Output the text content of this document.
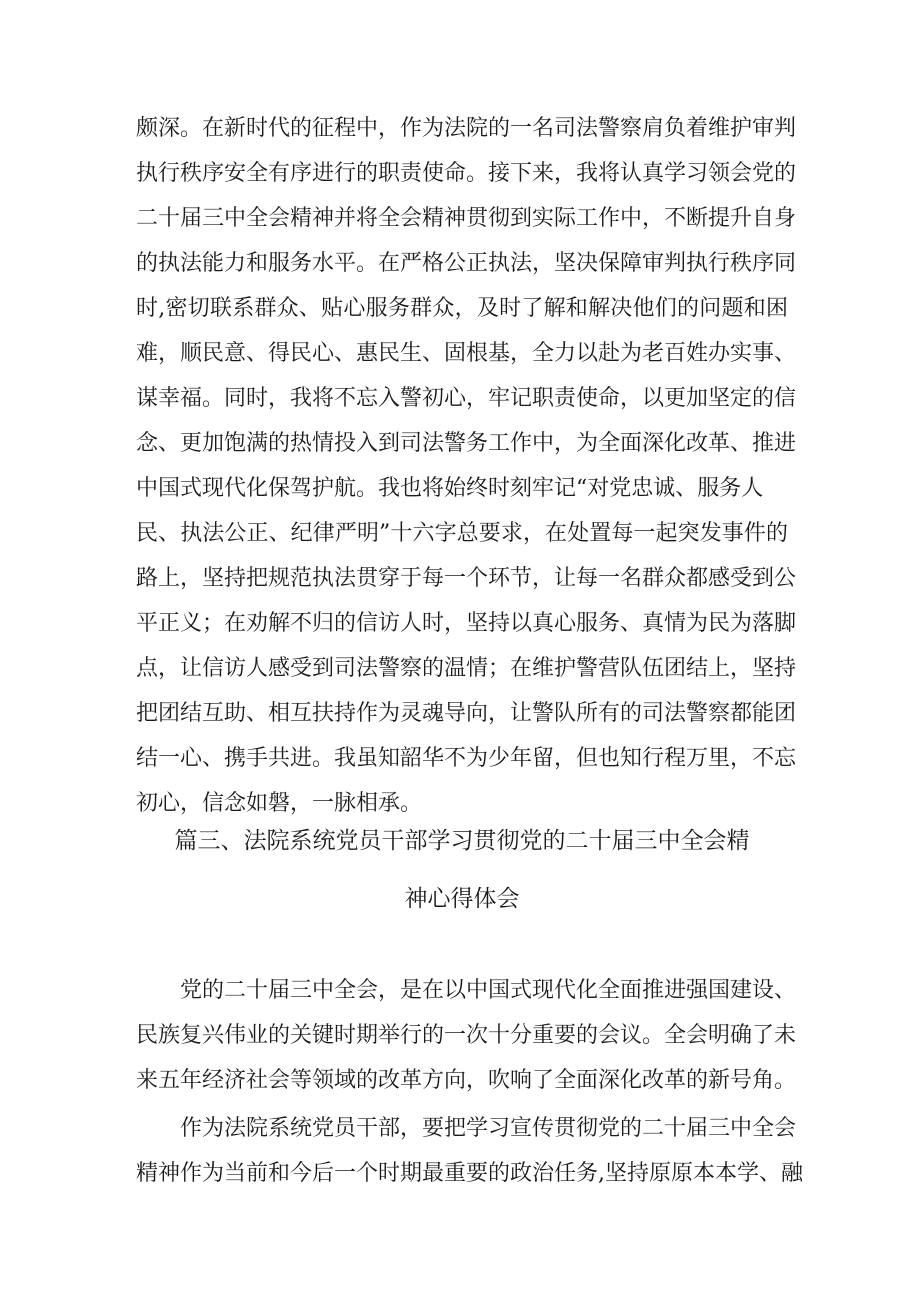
颇深。在新时代的征程中，作为法院的一名司法警察肩负着维护审判
执行秩序安全有序进行的职责使命。接下来，我将认真学习领会党的
二十届三中全会精神并将全会精神贯彻到实际工作中，不断提升自身
的执法能力和服务水平。在严格公正执法，坚决保障审判执行秩序同
时,密切联系群众、贴心服务群众，及时了解和解决他们的问题和困
难，顺民意、得民心、惠民生、固根基，全力以赴为老百姓办实事、
谋幸福。同时，我将不忘入警初心，牢记职责使命，以更加坚定的信
念、更加饱满的热情投入到司法警务工作中，为全面深化改革、推进
中国式现代化保驾护航。我也将始终时刻牢记“对党忠诚、服务人
民、执法公正、纪律严明”十六字总要求，在处置每一起突发事件的
路上，坚持把规范执法贯穿于每一个环节，让每一名群众都感受到公
平正义；在劝解不归的信访人时，坚持以真心服务、真情为民为落脚
点，让信访人感受到司法警察的温情；在维护警营队伍团结上，坚持
把团结互助、相互扶持作为灵魂导向，让警队所有的司法警察都能团
结一心、携手共进。我虽知韶华不为少年留，但也知行程万里，不忘
初心，信念如磐，一脉相承。
篇三、法院系统党员干部学习贯彻党的二十届三中全会精
神心得体会
党的二十届三中全会，是在以中国式现代化全面推进强国建设、
民族复兴伟业的关键时期举行的一次十分重要的会议。全会明确了未
来五年经济社会等领域的改革方向，吹响了全面深化改革的新号角。
作为法院系统党员干部，要把学习宣传贯彻党的二十届三中全会
精神作为当前和今后一个时期最重要的政治任务,坚持原原本本学、融
